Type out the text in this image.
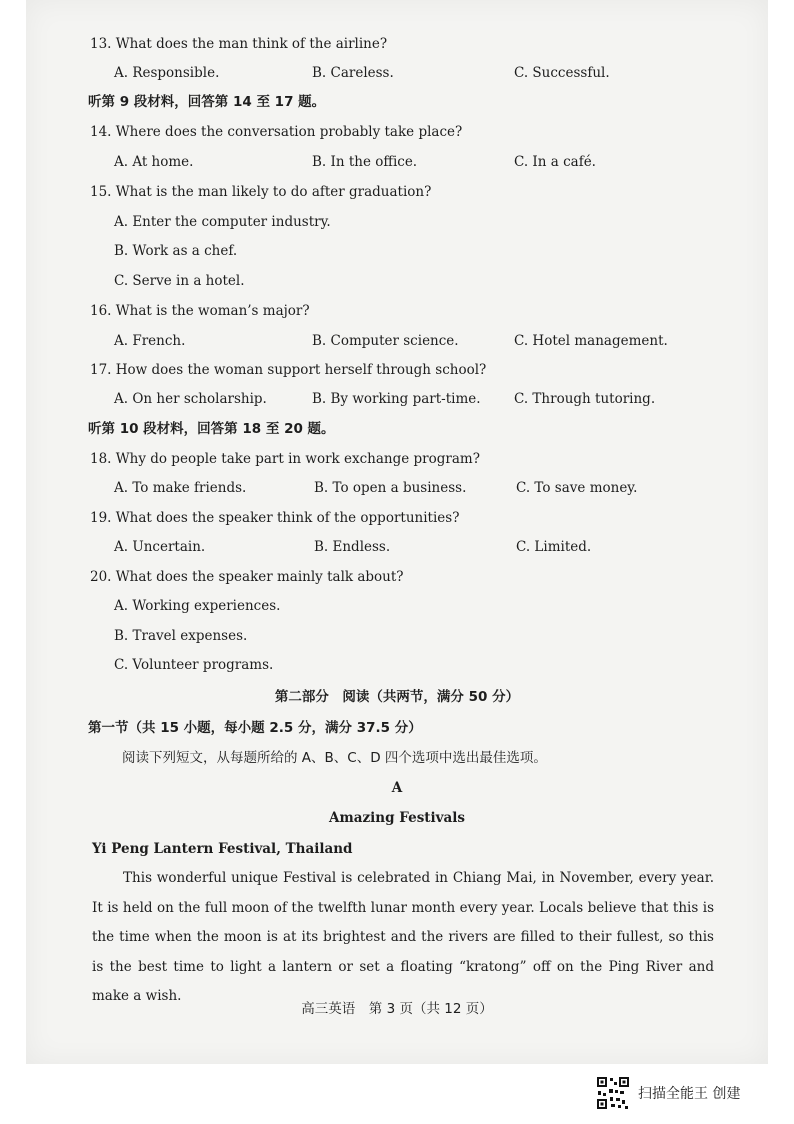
13. What does the man think of the airline?
A. Responsible.	B. Careless.	C. Successful.
听第 9 段材料，回答第 14 至 17 题。
14. Where does the conversation probably take place?
A. At home.	B. In the office.	C. In a café.
15. What is the man likely to do after graduation?
A. Enter the computer industry.
B. Work as a chef.
C. Serve in a hotel.
16. What is the woman’s major?
A. French.	B. Computer science.	C. Hotel management.
17. How does the woman support herself through school?
A. On her scholarship.	B. By working part-time. C. Through tutoring.
听第 10 段材料，回答第 18 至 20 题。
18. Why do people take part in work exchange program?
A. To make friends.	B. To open a business.	C. To save money.
19. What does the speaker think of the opportunities?
A. Uncertain.	B. Endless.	C. Limited.
20. What does the speaker mainly talk about?
A. Working experiences.
B. Travel expenses.
C. Volunteer programs.
第二部分　阅读（共两节，满分 50 分）
第一节（共 15 小题，每小题 2.5 分，满分 37.5 分）
阅读下列短文，从每题所给的 A、B、C、D 四个选项中选出最佳选项。
A
Amazing Festivals
Yi Peng Lantern Festival, Thailand
This wonderful unique Festival is celebrated in Chiang Mai, in November, every year. It is held on the full moon of the twelfth lunar month every year. Locals believe that this is the time when the moon is at its brightest and the rivers are filled to their fullest, so this is the best time to light a lantern or set a floating “kratong” off on the Ping River and make a wish.
高三英语　第 3 页（共 12 页）
扫描全能王 创建
